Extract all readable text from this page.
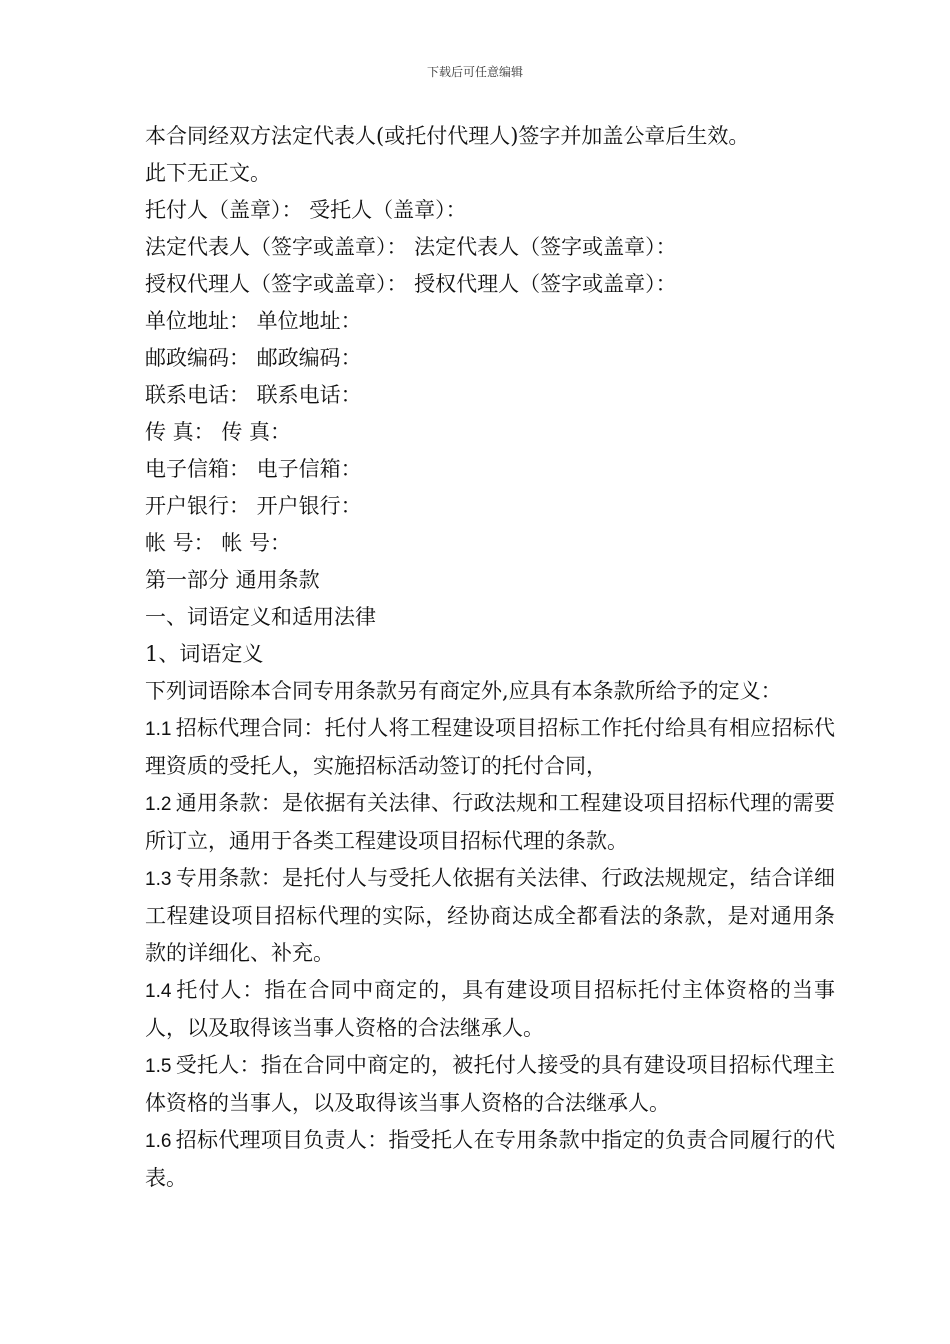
下载后可任意编辑
本合同经双方法定代表人(或托付代理人)签字并加盖公章后生效。
此下无正文。
托付人（盖章）： 受托人（盖章）：
法定代表人（签字或盖章）： 法定代表人（签字或盖章）：
授权代理人（签字或盖章）： 授权代理人（签字或盖章）：
单位地址： 单位地址：
邮政编码： 邮政编码：
联系电话： 联系电话：
传 真： 传 真：
电子信箱： 电子信箱：
开户银行： 开户银行：
帐 号： 帐 号：
第一部分 通用条款
一、词语定义和适用法律
1、词语定义
下列词语除本合同专用条款另有商定外,应具有本条款所给予的定义：
1.1 招标代理合同：托付人将工程建设项目招标工作托付给具有相应招标代理资质的受托人，实施招标活动签订的托付合同，
1.2 通用条款：是依据有关法律、行政法规和工程建设项目招标代理的需要所订立，通用于各类工程建设项目招标代理的条款。
1.3 专用条款：是托付人与受托人依据有关法律、行政法规规定，结合详细工程建设项目招标代理的实际，经协商达成全都看法的条款，是对通用条款的详细化、补充。
1.4 托付人：指在合同中商定的，具有建设项目招标托付主体资格的当事人，以及取得该当事人资格的合法继承人。
1.5 受托人：指在合同中商定的，被托付人接受的具有建设项目招标代理主体资格的当事人，以及取得该当事人资格的合法继承人。
1.6 招标代理项目负责人：指受托人在专用条款中指定的负责合同履行的代表。
